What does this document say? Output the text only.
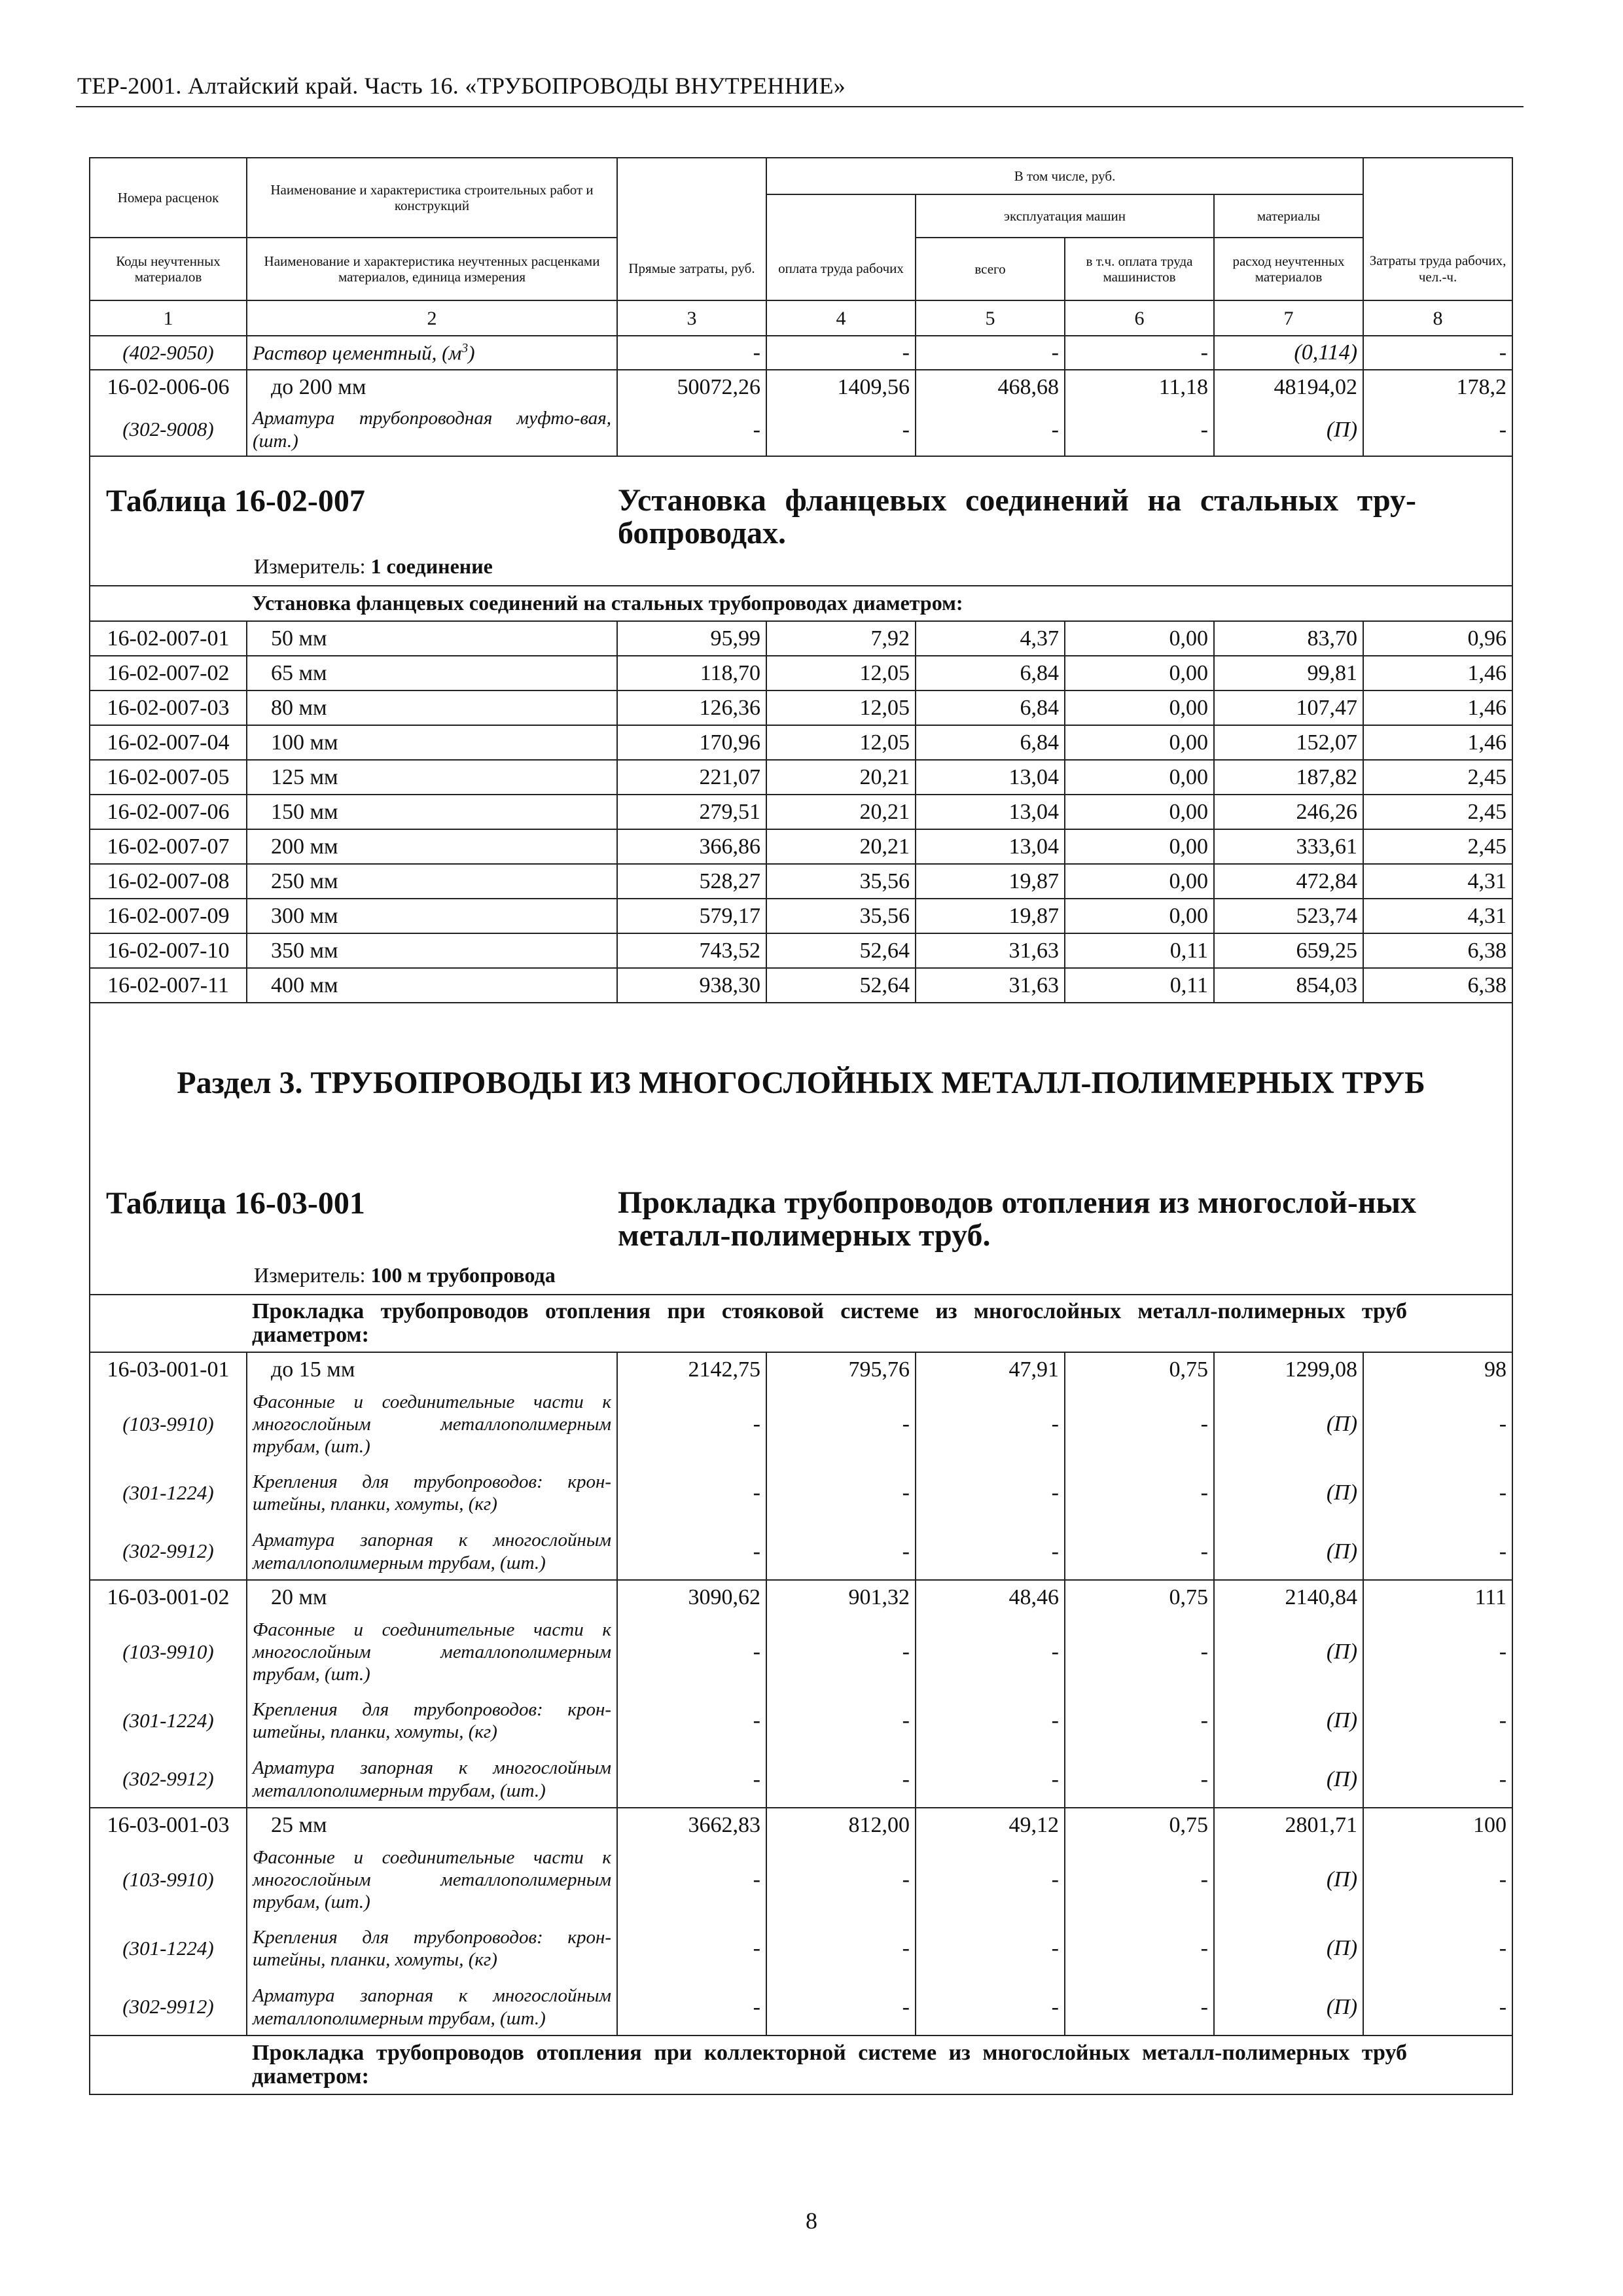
ТЕР-2001. Алтайский край. Часть 16. «ТРУБОПРОВОДЫ ВНУТРЕННИЕ»
Номера расценок	Наименование и характеристика строительных работ и конструкций		В том числе, руб.				
				эксплуатация машин		материалы	
Коды неучтенных материалов	Наименование и характеристика неучтенных расценками материалов, единица измерения	Прямые затраты, руб.	оплата труда рабочих	всего	в т.ч. оплата труда машинистов	расход неучтенных материалов	Затраты труда рабочих, чел.-ч.
1	2	3	4	5	6	7	8
(402-9050)	Раствор цементный, $(м^3)$	-	-	-	-	(0,114)	-
16-02-006-06	до 200 мм	50072,26	1409,56	468,68	11,18	48194,02	178,2
(302-9008)	Арматура трубопроводная муфто-вая, (шт.)	-	-	-	-	(П)	-

Таблица 16-02-007 Установка фланцевых соединений на стальных тру-бопроводах.
Измеритель: 1 соединение							

	Установка фланцевых соединений на стальных трубопроводах диаметром:						
16-02-007-01	50 мм	95,99	7,92	4,37	0,00	83,70	0,96
16-02-007-02	65 мм	118,70	12,05	6,84	0,00	99,81	1,46
16-02-007-03	80 мм	126,36	12,05	6,84	0,00	107,47	1,46
16-02-007-04	100 мм	170,96	12,05	6,84	0,00	152,07	1,46
16-02-007-05	125 мм	221,07	20,21	13,04	0,00	187,82	2,45
16-02-007-06	150 мм	279,51	20,21	13,04	0,00	246,26	2,45
16-02-007-07	200 мм	366,86	20,21	13,04	0,00	333,61	2,45
16-02-007-08	250 мм	528,27	35,56	19,87	0,00	472,84	4,31
16-02-007-09	300 мм	579,17	35,56	19,87	0,00	523,74	4,31
16-02-007-10	350 мм	743,52	52,64	31,63	0,11	659,25	6,38
16-02-007-11	400 мм	938,30	52,64	31,63	0,11	854,03	6,38

Раздел 3. ТРУБОПРОВОДЫ ИЗ МНОГОСЛОЙНЫХ МЕТАЛЛ-ПОЛИМЕРНЫХ ТРУБ
Таблица 16-03-001 Прокладка трубопроводов отопления из многослой-ных металл-полимерных труб.
Измеритель: 100 м трубопровода							

	Прокладка трубопроводов отопления при стояковой системе из многослойных металл-полимерных труб диаметром:						
16-03-001-01	до 15 мм	2142,75	795,76	47,91	0,75	1299,08	98
(103-9910)	Фасонные и соединительные части к многослойным металлополимерным трубам, (шт.)	-	-	-	-	(П)	-
(301-1224)	Крепления для трубопроводов: крон-штейны, планки, хомуты, (кг)	-	-	-	-	(П)	-
(302-9912)	Арматура запорная к многослойным металлополимерным трубам, (шт.)	-	-	-	-	(П)	-
16-03-001-02	20 мм	3090,62	901,32	48,46	0,75	2140,84	111
(103-9910)	Фасонные и соединительные части к многослойным металлополимерным трубам, (шт.)	-	-	-	-	(П)	-
(301-1224)	Крепления для трубопроводов: крон-штейны, планки, хомуты, (кг)	-	-	-	-	(П)	-
(302-9912)	Арматура запорная к многослойным металлополимерным трубам, (шт.)	-	-	-	-	(П)	-
16-03-001-03	25 мм	3662,83	812,00	49,12	0,75	2801,71	100
(103-9910)	Фасонные и соединительные части к многослойным металлополимерным трубам, (шт.)	-	-	-	-	(П)	-
(301-1224)	Крепления для трубопроводов: крон-штейны, планки, хомуты, (кг)	-	-	-	-	(П)	-
(302-9912)	Арматура запорная к многослойным металлополимерным трубам, (шт.)	-	-	-	-	(П)	-
	Прокладка трубопроводов отопления при коллекторной системе из многослойных металл-полимерных труб диаметром:						
8
